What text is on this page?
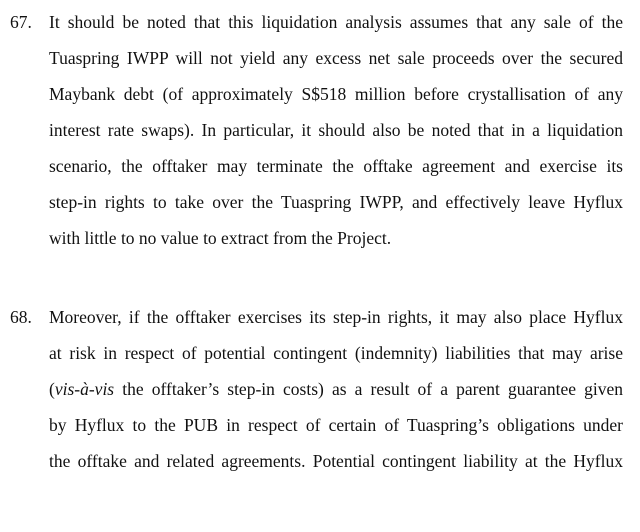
67. It should be noted that this liquidation analysis assumes that any sale of the
Tuaspring IWPP will not yield any excess net sale proceeds over the secured
Maybank debt (of approximately S$518 million before crystallisation of any
interest rate swaps). In particular, it should also be noted that in a liquidation
scenario, the offtaker may terminate the offtake agreement and exercise its
step-in rights to take over the Tuaspring IWPP, and effectively leave Hyflux
with little to no value to extract from the Project.
68. Moreover, if the offtaker exercises its step-in rights, it may also place Hyflux
at risk in respect of potential contingent (indemnity) liabilities that may arise
(vis-à-vis the offtaker’s step-in costs) as a result of a parent guarantee given
by Hyflux to the PUB in respect of certain of Tuaspring’s obligations under
the offtake and related agreements. Potential contingent liability at the Hyflux
